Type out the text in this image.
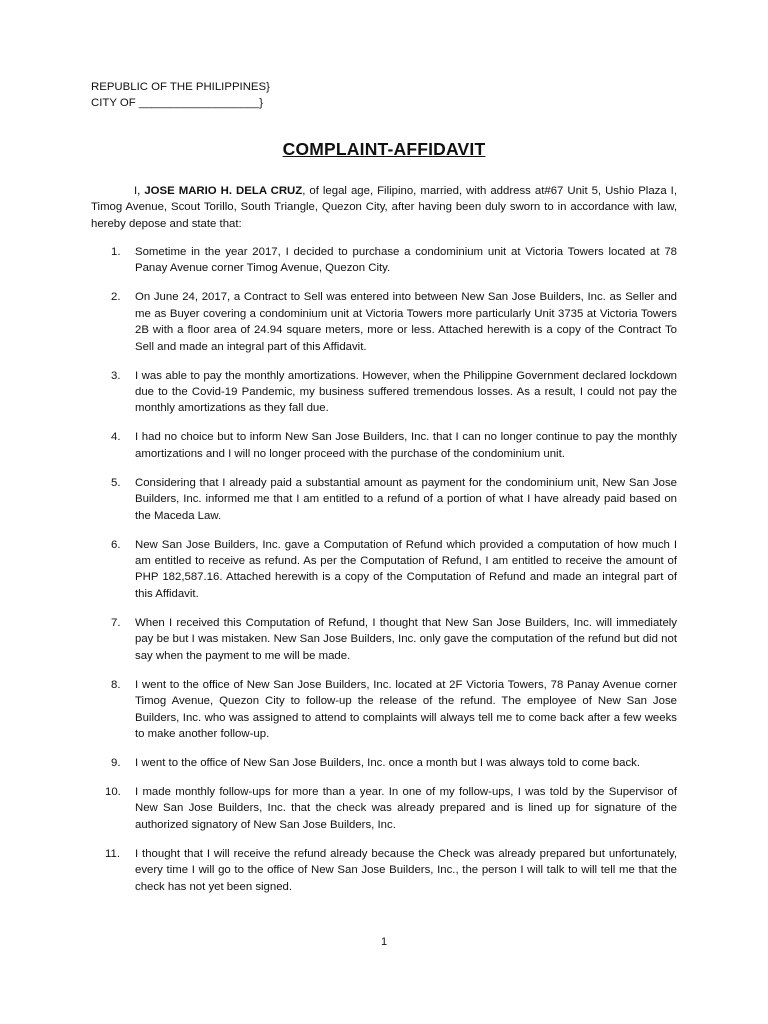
REPUBLIC OF THE PHILIPPINES}
CITY OF ___________________}
COMPLAINT-AFFIDAVIT

I, JOSE MARIO H. DELA CRUZ, of legal age, Filipino, married, with address at#67 Unit 5, Ushio Plaza I, Timog Avenue, Scout Torillo, South Triangle, Quezon City, after having been duly sworn to in accordance with law, hereby depose and state that:

1. Sometime in the year 2017, I decided to purchase a condominium unit at Victoria Towers located at 78 Panay Avenue corner Timog Avenue, Quezon City.
2. On June 24, 2017, a Contract to Sell was entered into between New San Jose Builders, Inc. as Seller and me as Buyer covering a condominium unit at Victoria Towers more particularly Unit 3735 at Victoria Towers 2B with a floor area of 24.94 square meters, more or less. Attached herewith is a copy of the Contract To Sell and made an integral part of this Affidavit.
3. I was able to pay the monthly amortizations. However, when the Philippine Government declared lockdown due to the Covid-19 Pandemic, my business suffered tremendous losses. As a result, I could not pay the monthly amortizations as they fall due.
4. I had no choice but to inform New San Jose Builders, Inc. that I can no longer continue to pay the monthly amortizations and I will no longer proceed with the purchase of the condominium unit.
5. Considering that I already paid a substantial amount as payment for the condominium unit, New San Jose Builders, Inc. informed me that I am entitled to a refund of a portion of what I have already paid based on the Maceda Law.
6. New San Jose Builders, Inc. gave a Computation of Refund which provided a computation of how much I am entitled to receive as refund. As per the Computation of Refund, I am entitled to receive the amount of PHP 182,587.16. Attached herewith is a copy of the Computation of Refund and made an integral part of this Affidavit.
7. When I received this Computation of Refund, I thought that New San Jose Builders, Inc. will immediately pay be but I was mistaken. New San Jose Builders, Inc. only gave the computation of the refund but did not say when the payment to me will be made.
8. I went to the office of New San Jose Builders, Inc. located at 2F Victoria Towers, 78 Panay Avenue corner Timog Avenue, Quezon City to follow-up the release of the refund. The employee of New San Jose Builders, Inc. who was assigned to attend to complaints will always tell me to come back after a few weeks to make another follow-up.
9. I went to the office of New San Jose Builders, Inc. once a month but I was always told to come back.
10. I made monthly follow-ups for more than a year. In one of my follow-ups, I was told by the Supervisor of New San Jose Builders, Inc. that the check was already prepared and is lined up for signature of the authorized signatory of New San Jose Builders, Inc.
11. I thought that I will receive the refund already because the Check was already prepared but unfortunately, every time I will go to the office of New San Jose Builders, Inc., the person I will talk to will tell me that the check has not yet been signed.
1
